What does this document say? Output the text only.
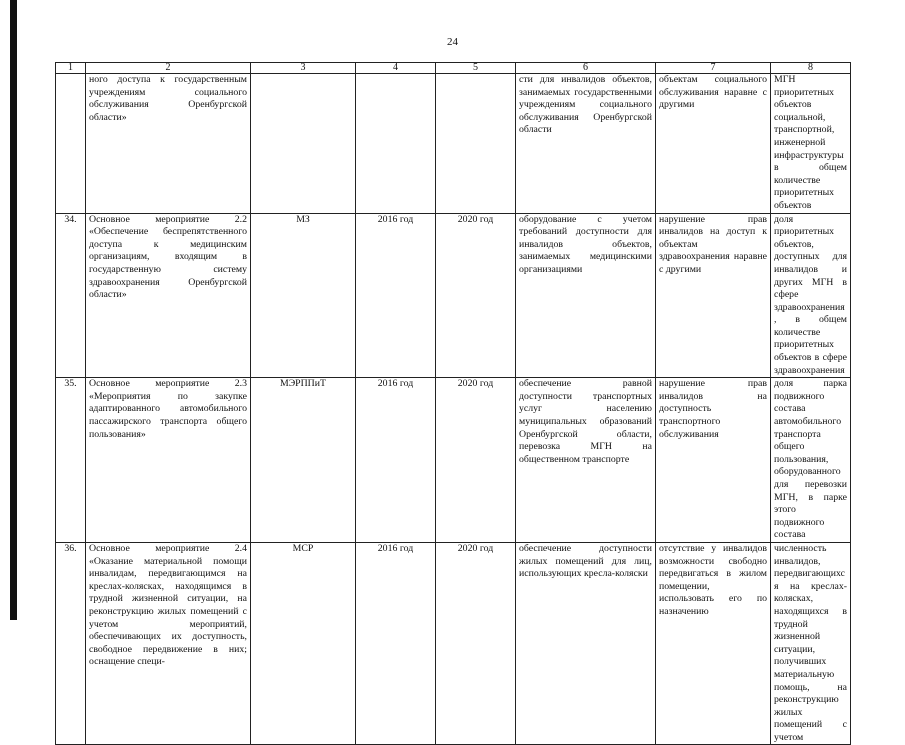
24
1	2	3	4	5	6	7	8
	ного доступа к государственным учреждениям социального обслуживания Оренбургской области»				сти для инвалидов объектов, занимаемых государственными учреждениям социального обслуживания Оренбургской области	объектам социального обслуживания наравне с другими	МГН приоритетных объектов социальной, транспортной, инженерной инфраструктуры в общем количестве приоритетных объектов
34.	Основное мероприятие 2.2 «Обеспечение беспрепятственного доступа к медицинским организациям, входящим в государственную систему здравоохранения Оренбургской области»	МЗ	2016 год	2020 год	оборудование с учетом требований доступности для инвалидов объектов, занимаемых медицинскими организациями	нарушение прав инвалидов на доступ к объектам здравоохранения наравне с другими	доля приоритетных объектов, доступных для инвалидов и других МГН в сфере здравоохранения, в общем количестве приоритетных объектов в сфере здравоохранения
35.	Основное мероприятие 2.3 «Мероприятия по закупке адаптированного автомобильного пассажирского транспорта общего пользования»	МЭРППиТ	2016 год	2020 год	обеспечение равной доступности транспортных услуг населению муниципальных образований Оренбургской области, перевозка МГН на общественном транспорте	нарушение прав инвалидов на доступность транспортного обслуживания	доля парка подвижного состава автомобильного транспорта общего пользования, оборудованного для перевозки МГН, в парке этого подвижного состава
36.	Основное мероприятие 2.4 «Оказание материальной помощи инвалидам, передвигающимся на креслах-колясках, находящимся в трудной жизненной ситуации, на реконструкцию жилых помещений с учетом мероприятий, обеспечивающих их доступность, свободное передвижение в них; оснащение специ-	МСР	2016 год	2020 год	обеспечение доступности жилых помещений для лиц, использующих кресла-коляски	отсутствие у инвалидов возможности свободно передвигаться в жилом помещении, использовать его по назначению	численность инвалидов, передвигающихся на креслах-колясках, находящихся в трудной жизненной ситуации, получивших материальную помощь, на реконструкцию жилых помещений с учетом
